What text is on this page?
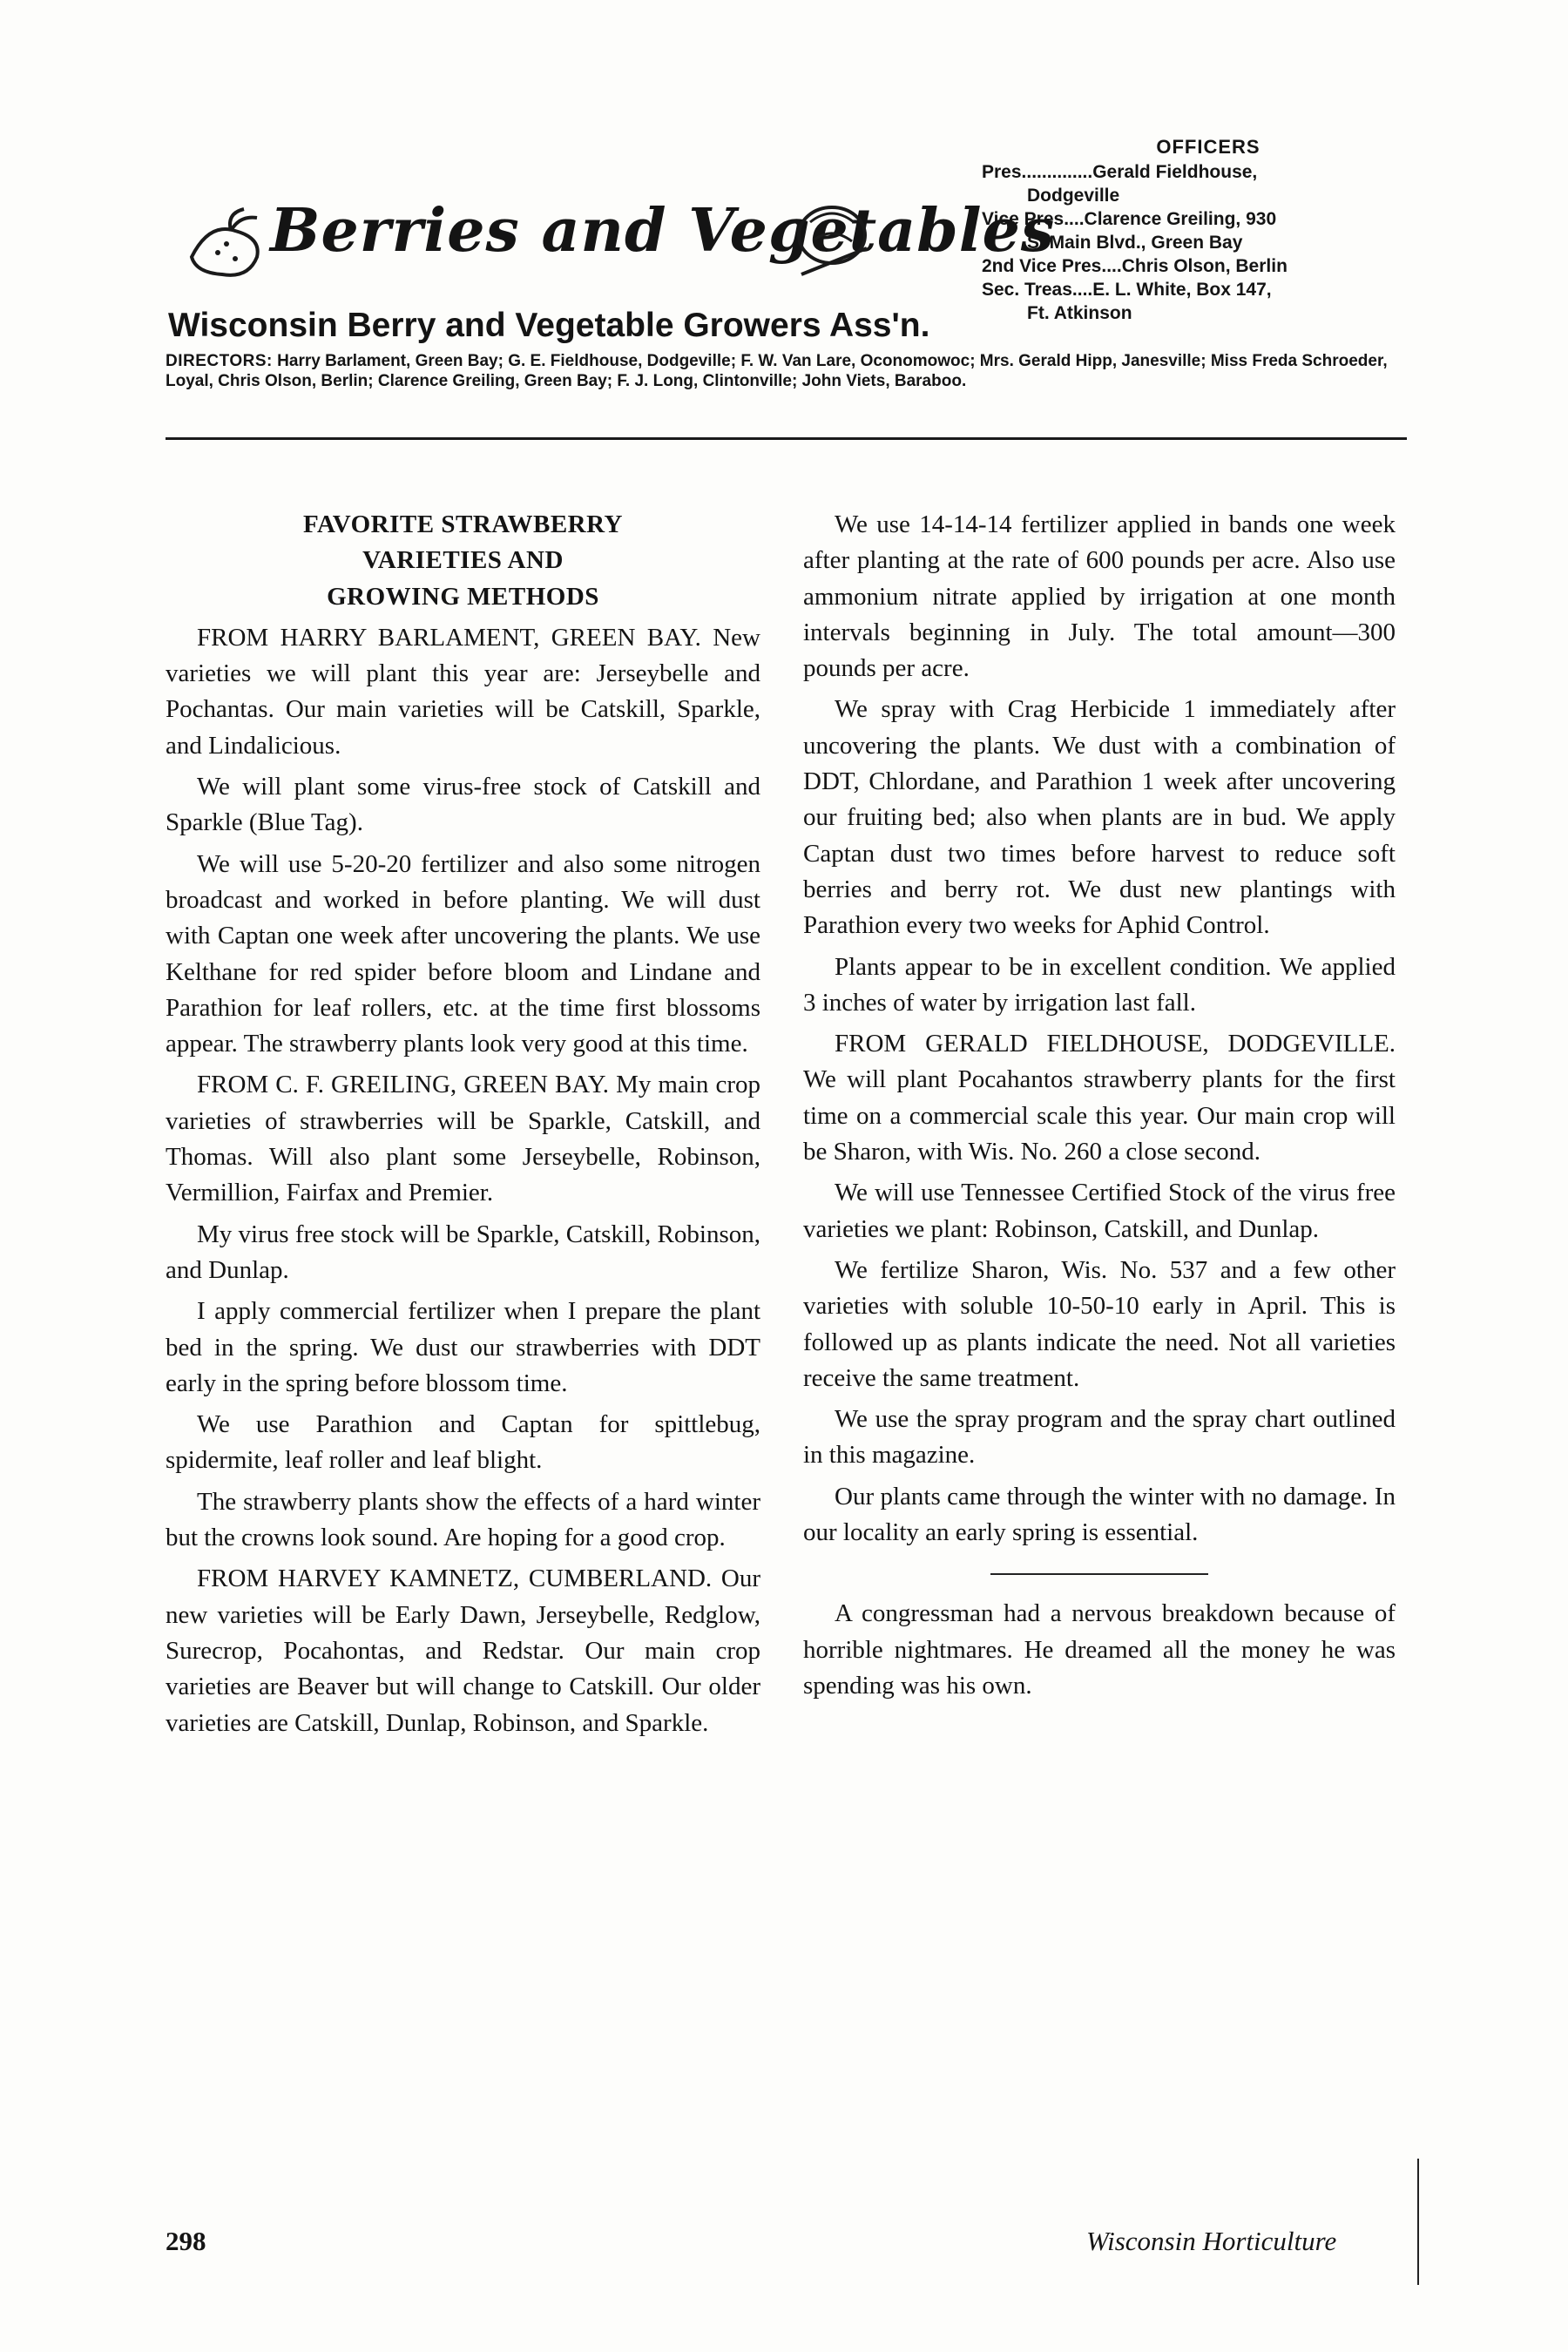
Berries and Vegetables
Wisconsin Berry and Vegetable Growers Ass'n.
OFFICERS
Pres..............Gerald Fieldhouse,
Dodgeville
Vice Pres....Clarence Greiling, 930
S. Main Blvd., Green Bay
2nd Vice Pres....Chris Olson, Berlin
Sec. Treas....E. L. White, Box 147,
Ft. Atkinson
DIRECTORS: Harry Barlament, Green Bay; G. E. Fieldhouse, Dodgeville; F. W. Van Lare, Oconomowoc; Mrs. Gerald Hipp, Janesville; Miss Freda Schroeder, Loyal, Chris Olson, Berlin; Clarence Greiling, Green Bay; F. J. Long, Clintonville; John Viets, Baraboo.

FAVORITE STRAWBERRY

VARIETIES AND

GROWING METHODS

FROM HARRY BARLAMENT, GREEN BAY. New varieties we will plant this year are: Jerseybelle and Pochantas. Our main varieties will be Catskill, Sparkle, and Lindalicious.

We will plant some virus-free stock of Catskill and Sparkle (Blue Tag).

We will use 5-20-20 fertilizer and also some nitrogen broadcast and worked in before planting. We will dust with Captan one week after uncovering the plants. We use Kelthane for red spider before bloom and Lindane and Parathion for leaf rollers, etc. at the time first blossoms appear. The strawberry plants look very good at this time.

FROM C. F. GREILING, GREEN BAY. My main crop varieties of strawberries will be Sparkle, Catskill, and Thomas. Will also plant some Jerseybelle, Robinson, Vermillion, Fairfax and Premier.

My virus free stock will be Sparkle, Catskill, Robinson, and Dunlap.

I apply commercial fertilizer when I prepare the plant bed in the spring. We dust our strawberries with DDT early in the spring before blossom time.

We use Parathion and Captan for spittlebug, spidermite, leaf roller and leaf blight.

The strawberry plants show the effects of a hard winter but the crowns look sound. Are hoping for a good crop.

FROM HARVEY KAMNETZ, CUMBERLAND. Our new varieties will be Early Dawn, Jerseybelle, Redglow, Surecrop, Pocahontas, and Redstar. Our main crop varieties are Beaver but will change to Catskill. Our older varieties are Catskill, Dunlap, Robinson, and Sparkle.

We use 14-14-14 fertilizer applied in bands one week after planting at the rate of 600 pounds per acre. Also use ammonium nitrate applied by irrigation at one month intervals beginning in July. The total amount—300 pounds per acre.

We spray with Crag Herbicide 1 immediately after uncovering the plants. We dust with a combination of DDT, Chlordane, and Parathion 1 week after uncovering our fruiting bed; also when plants are in bud. We apply Captan dust two times before harvest to reduce soft berries and berry rot. We dust new plantings with Parathion every two weeks for Aphid Control.

Plants appear to be in excellent condition. We applied 3 inches of water by irrigation last fall.

FROM GERALD FIELDHOUSE, DODGEVILLE. We will plant Pocahantos strawberry plants for the first time on a commercial scale this year. Our main crop will be Sharon, with Wis. No. 260 a close second.

We will use Tennessee Certified Stock of the virus free varieties we plant: Robinson, Catskill, and Dunlap.

We fertilize Sharon, Wis. No. 537 and a few other varieties with soluble 10-50-10 early in April. This is followed up as plants indicate the need. Not all varieties receive the same treatment.

We use the spray program and the spray chart outlined in this magazine.

Our plants came through the winter with no damage. In our locality an early spring is essential.

A congressman had a nervous breakdown because of horrible nightmares. He dreamed all the money he was spending was his own.

298	Wisconsin Horticulture
